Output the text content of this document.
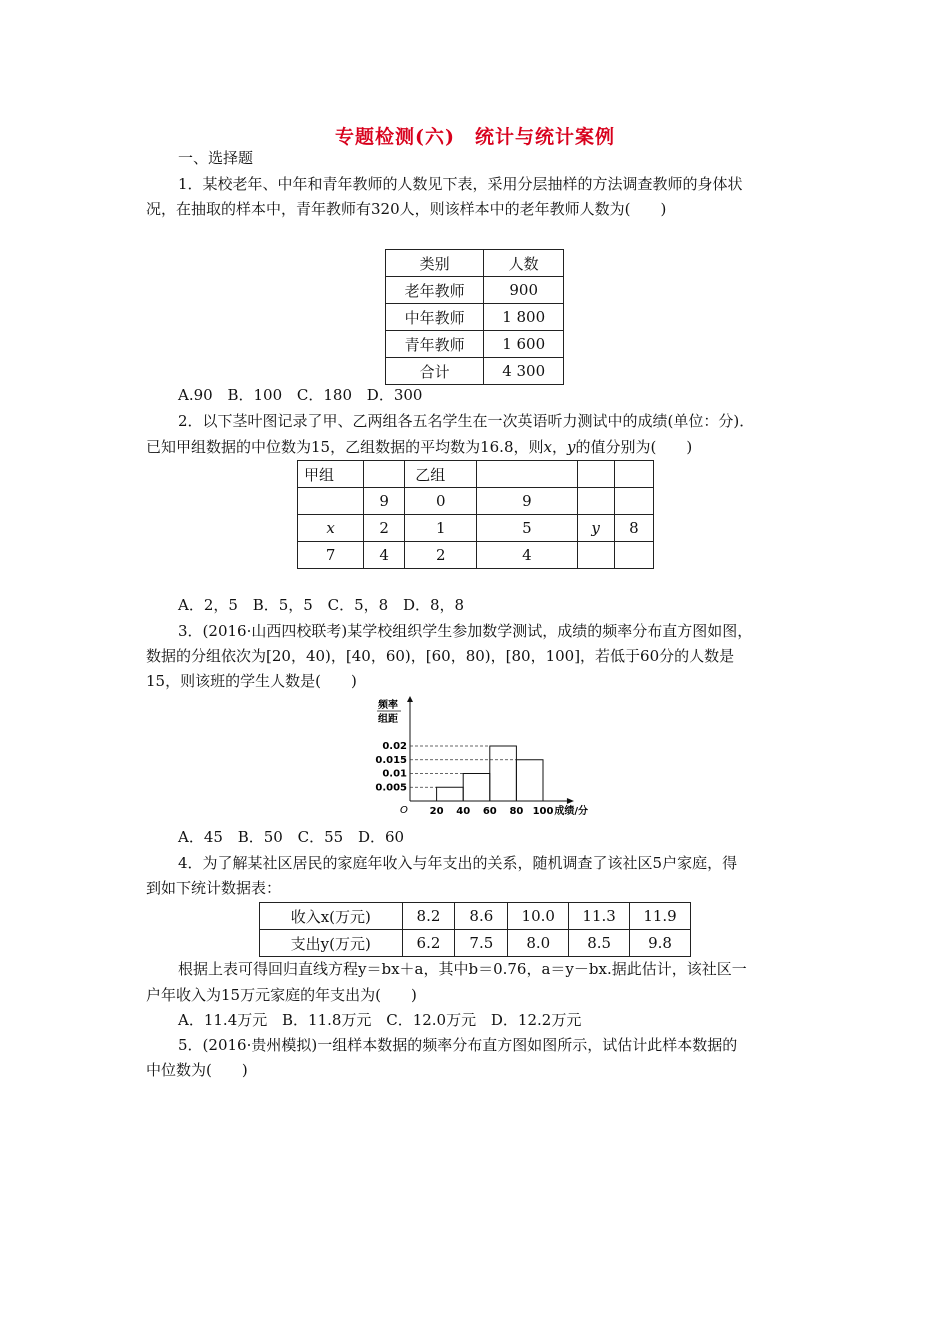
专题检测(六)　统计与统计案例
一、选择题
1．某校老年、中年和青年教师的人数见下表，采用分层抽样的方法调查教师的身体状
况，在抽取的样本中，青年教师有320人，则该样本中的老年教师人数为(　　)
类别	人数
老年教师	900
中年教师	1 800
青年教师	1 600
合计	4 300
A.90 B．100 C．180 D．300
2．以下茎叶图记录了甲、乙两组各五名学生在一次英语听力测试中的成绩(单位：分)．
已知甲组数据的中位数为15，乙组数据的平均数为16.8，则x，y的值分别为(　　)
甲组		乙组			
	9	0	9		
x	2	1	5	y	8
7	4	2	4		
A．2，5 B．5，5 C．5，8 D．8，8
3．(2016·山西四校联考)某学校组织学生参加数学测试，成绩的频率分布直方图如图，
数据的分组依次为[20，40)，[40，60)，[60，80)，[80，100]，若低于60分的人数是
15，则该班的学生人数是(　　)
频率
组距
O
0.02
0.015
0.01
0.005
20 40 60 80 100 成绩/分
A．45 B．50 C．55 D．60
4．为了解某社区居民的家庭年收入与年支出的关系，随机调查了该社区5户家庭，得
到如下统计数据表：
收入x(万元)	8.2	8.6	10.0	11.3	11.9
支出y(万元)	6.2	7.5	8.0	8.5	9.8
根据上表可得回归直线方程y＝bx＋a，其中b＝0.76，a＝y－bx.据此估计，该社区一
户年收入为15万元家庭的年支出为(　　)
A．11.4万元 B．11.8万元 C．12.0万元 D．12.2万元
5．(2016·贵州模拟)一组样本数据的频率分布直方图如图所示，试估计此样本数据的
中位数为(　　)
